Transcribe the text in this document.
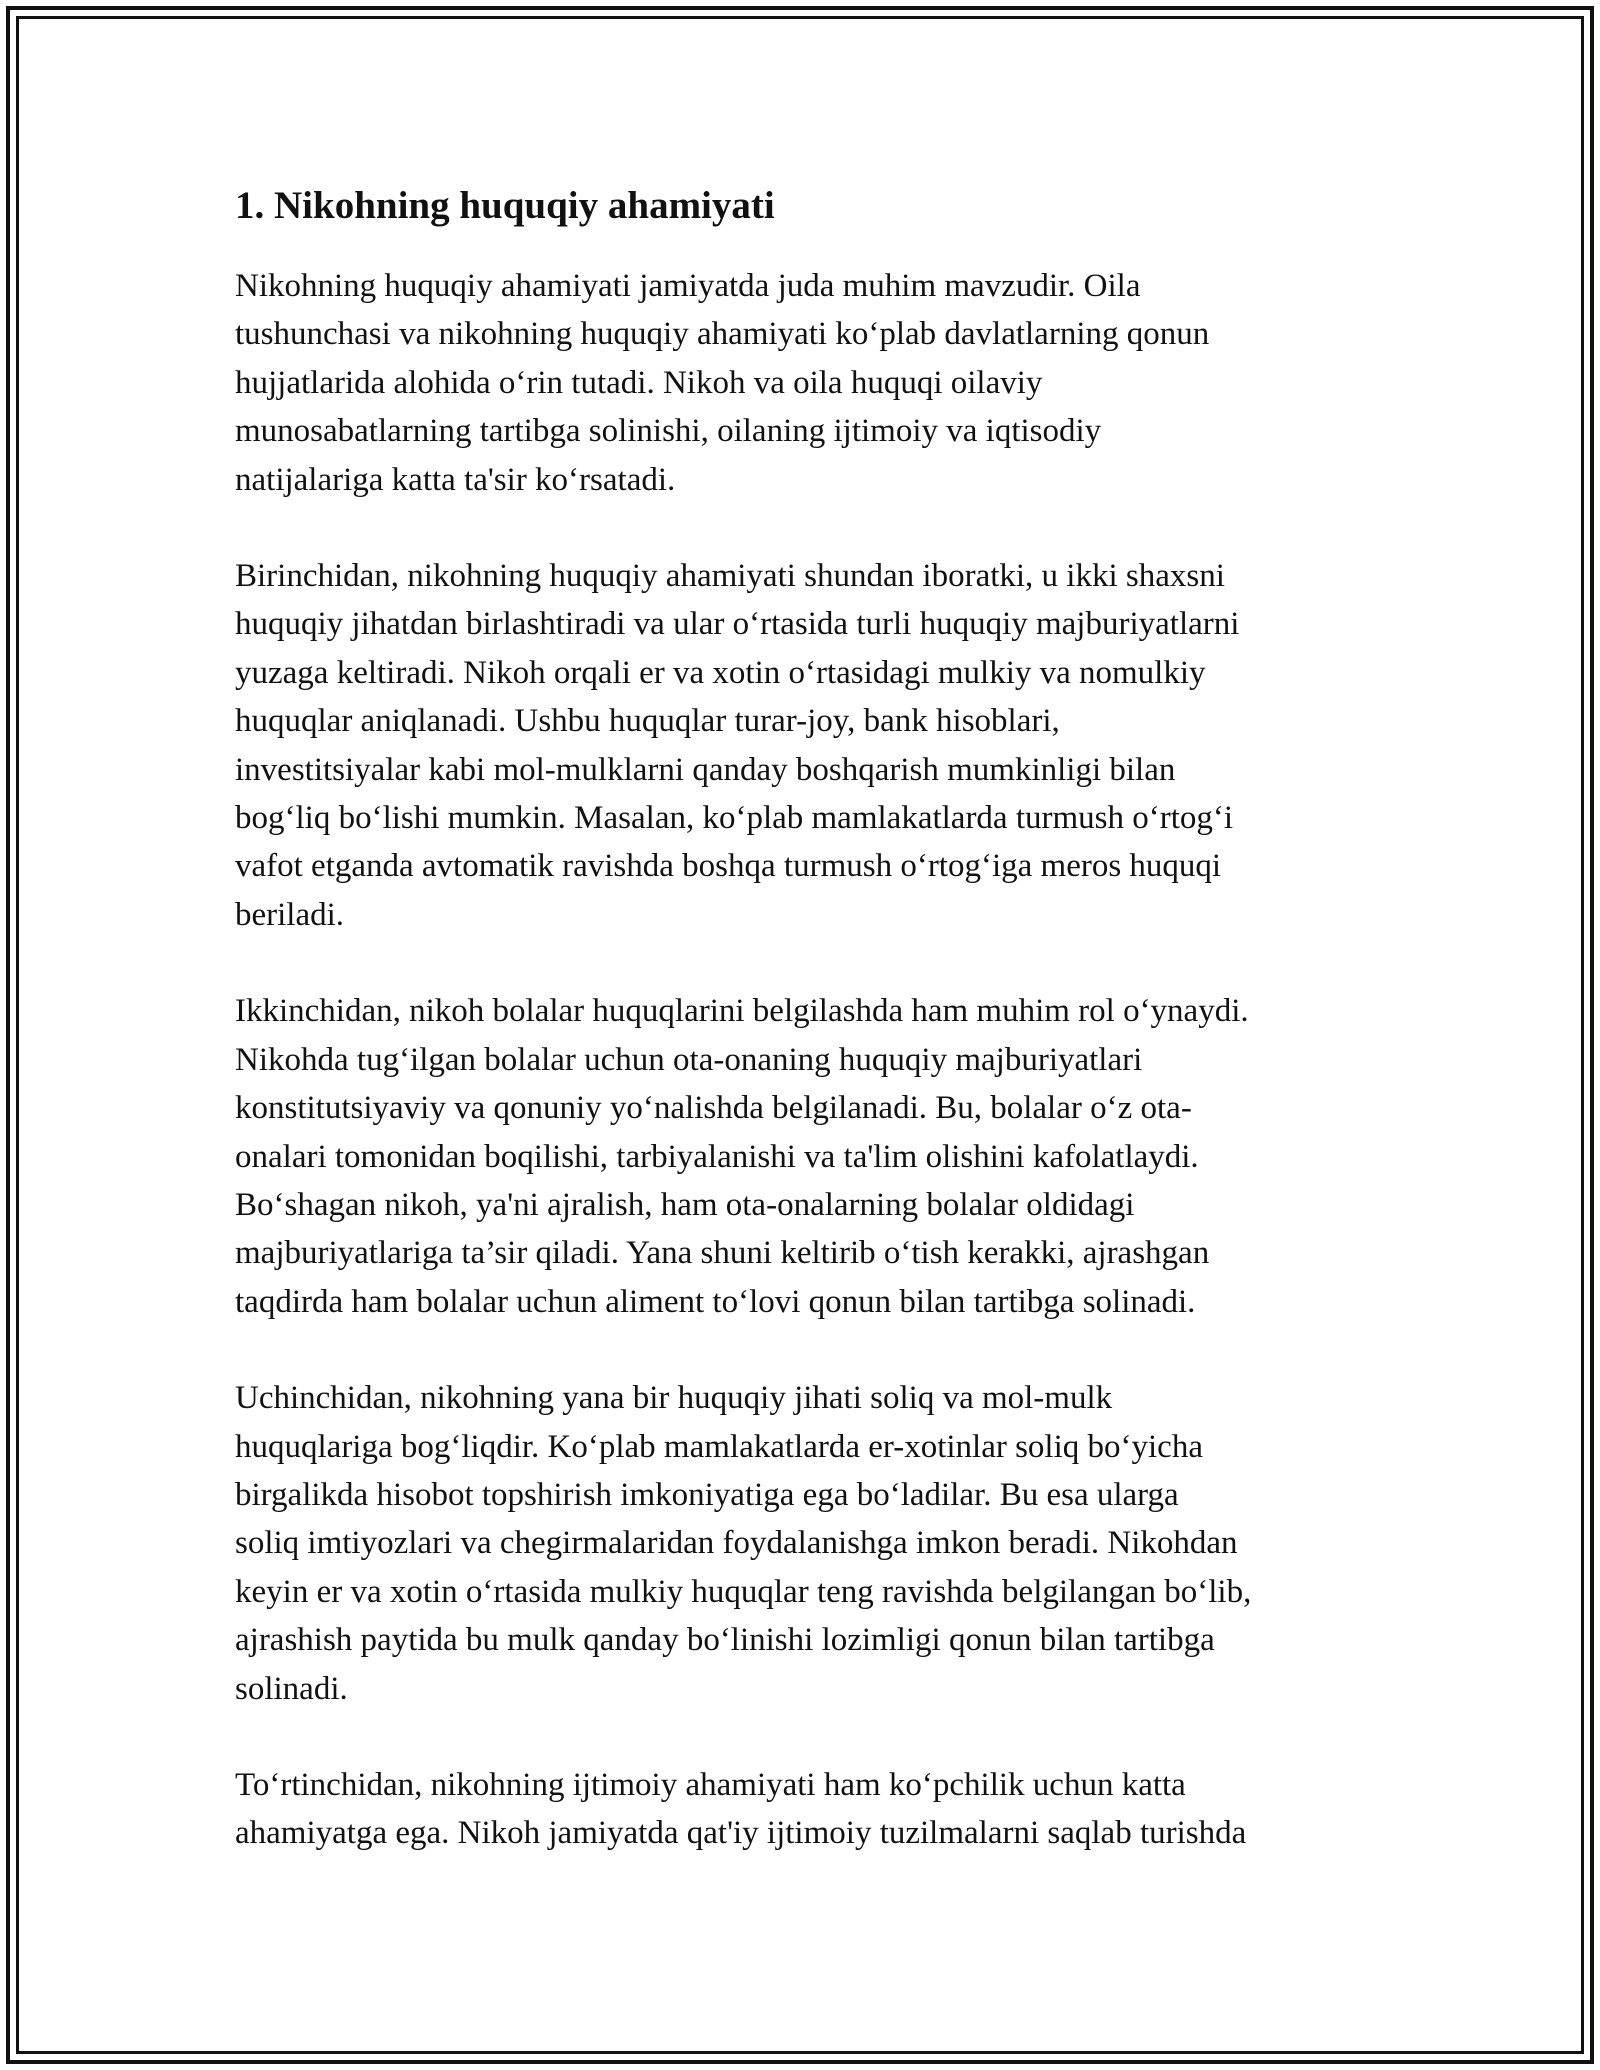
1. Nikohning huquqiy ahamiyati

Nikohning huquqiy ahamiyati jamiyatda juda muhim mavzudir. Oila
tushunchasi va nikohning huquqiy ahamiyati ko‘plab davlatlarning qonun
hujjatlarida alohida o‘rin tutadi. Nikoh va oila huquqi oilaviy
munosabatlarning tartibga solinishi, oilaning ijtimoiy va iqtisodiy
natijalariga katta ta'sir ko‘rsatadi.

Birinchidan, nikohning huquqiy ahamiyati shundan iboratki, u ikki shaxsni
huquqiy jihatdan birlashtiradi va ular o‘rtasida turli huquqiy majburiyatlarni
yuzaga keltiradi. Nikoh orqali er va xotin o‘rtasidagi mulkiy va nomulkiy
huquqlar aniqlanadi. Ushbu huquqlar turar-joy, bank hisoblari,
investitsiyalar kabi mol-mulklarni qanday boshqarish mumkinligi bilan
bog‘liq bo‘lishi mumkin. Masalan, ko‘plab mamlakatlarda turmush o‘rtog‘i
vafot etganda avtomatik ravishda boshqa turmush o‘rtog‘iga meros huquqi
beriladi.

Ikkinchidan, nikoh bolalar huquqlarini belgilashda ham muhim rol o‘ynaydi.
Nikohda tug‘ilgan bolalar uchun ota-onaning huquqiy majburiyatlari
konstitutsiyaviy va qonuniy yo‘nalishda belgilanadi. Bu, bolalar o‘z ota-
onalari tomonidan boqilishi, tarbiyalanishi va ta'lim olishini kafolatlaydi.
Bo‘shagan nikoh, ya'ni ajralish, ham ota-onalarning bolalar oldidagi
majburiyatlariga ta’sir qiladi. Yana shuni keltirib o‘tish kerakki, ajrashgan
taqdirda ham bolalar uchun aliment to‘lovi qonun bilan tartibga solinadi.

Uchinchidan, nikohning yana bir huquqiy jihati soliq va mol-mulk
huquqlariga bog‘liqdir. Ko‘plab mamlakatlarda er-xotinlar soliq bo‘yicha
birgalikda hisobot topshirish imkoniyatiga ega bo‘ladilar. Bu esa ularga
soliq imtiyozlari va chegirmalaridan foydalanishga imkon beradi. Nikohdan
keyin er va xotin o‘rtasida mulkiy huquqlar teng ravishda belgilangan bo‘lib,
ajrashish paytida bu mulk qanday bo‘linishi lozimligi qonun bilan tartibga
solinadi.

To‘rtinchidan, nikohning ijtimoiy ahamiyati ham ko‘pchilik uchun katta
ahamiyatga ega. Nikoh jamiyatda qat'iy ijtimoiy tuzilmalarni saqlab turishda
